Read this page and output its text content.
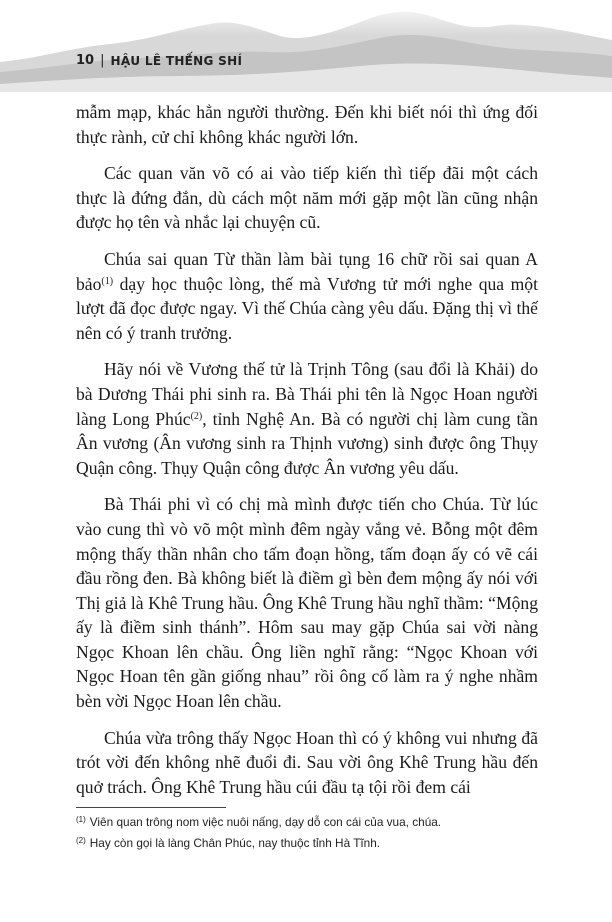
10 | HẬU LÊ THẾ̂NG SHÍ

mẫm mạp, khác hẳn người thường. Đến khi biết nói thì ứng đối thực rành, cử chỉ không khác người lớn.

Các quan văn võ có ai vào tiếp kiến thì tiếp đãi một cách thực là đứng đắn, dù cách một năm mới gặp một lần cũng nhận được họ tên và nhắc lại chuyện cũ.

Chúa sai quan Từ thần làm bài tụng 16 chữ rồi sai quan A bảo$^{(1)}$ dạy học thuộc lòng, thế mà Vương tử mới nghe qua một lượt đã đọc được ngay. Vì thế Chúa càng yêu dấu. Đặng thị vì thế nên có ý tranh trưởng.

Hãy nói về Vương thế tử là Trịnh Tông (sau đổi là Khải) do bà Dương Thái phi sinh ra. Bà Thái phi tên là Ngọc Hoan người làng Long Phúc$^{(2)}$, tỉnh Nghệ An. Bà có người chị làm cung tần Ân vương (Ân vương sinh ra Thịnh vương) sinh được ông Thụy Quận công. Thụy Quận công được Ân vương yêu dấu.

Bà Thái phi vì có chị mà mình được tiến cho Chúa. Từ lúc vào cung thì vò võ một mình đêm ngày vắng vẻ. Bỗng một đêm mộng thấy thần nhân cho tấm đoạn hồng, tấm đoạn ấy có vẽ cái đầu rồng đen. Bà không biết là điềm gì bèn đem mộng ấy nói với Thị giả là Khê Trung hầu. Ông Khê Trung hầu nghĩ thầm: “Mộng ấy là điềm sinh thánh”. Hôm sau may gặp Chúa sai vời nàng Ngọc Khoan lên chầu. Ông liền nghĩ rằng: “Ngọc Khoan với Ngọc Hoan tên gần giống nhau” rồi ông cố làm ra ý nghe nhầm bèn vời Ngọc Hoan lên chầu.

Chúa vừa trông thấy Ngọc Hoan thì có ý không vui nhưng đã trót vời đến không nhẽ đuổi đi. Sau vời ông Khê Trung hầu đến quở trách. Ông Khê Trung hầu cúi đầu tạ tội rồi đem cái

$^{(1)}$ Viên quan trông nom việc nuôi nấng, dạy dỗ con cái của vua, chúa.
$^{(2)}$ Hay còn gọi là làng Chân Phúc, nay thuộc tỉnh Hà Tĩnh.
